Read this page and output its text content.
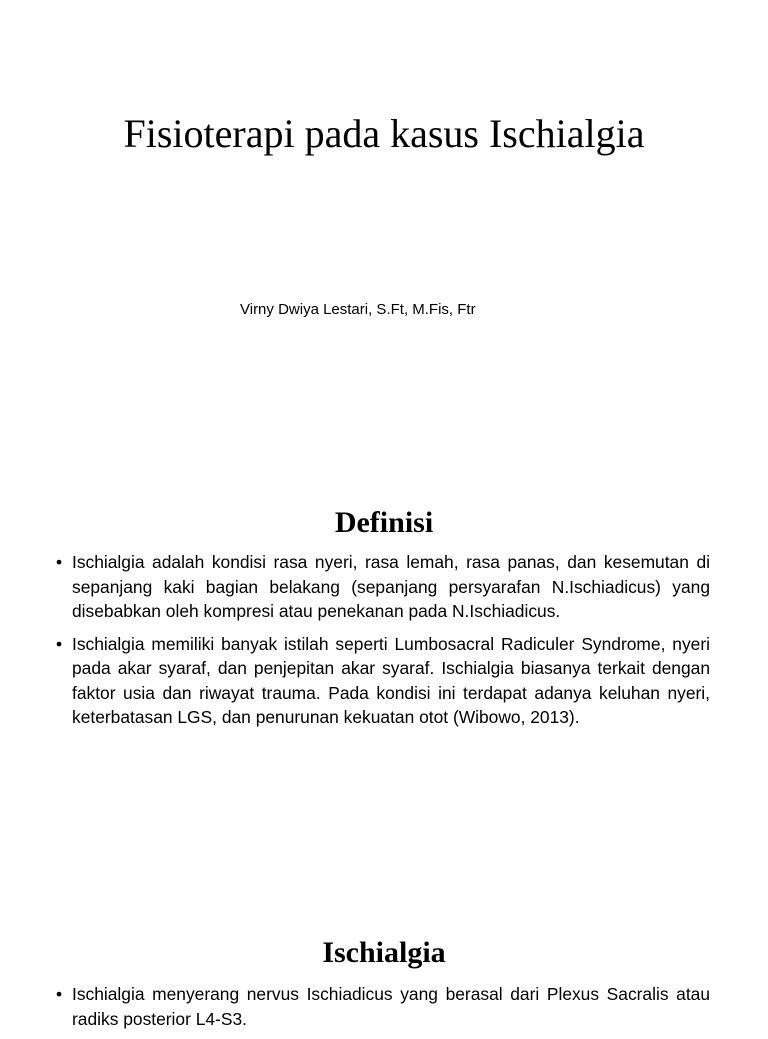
Fisioterapi pada kasus Ischialgia
Virny Dwiya Lestari, S.Ft, M.Fis, Ftr
Definisi
• Ischialgia adalah kondisi rasa nyeri, rasa lemah, rasa panas, dan kesemutan di sepanjang kaki bagian belakang (sepanjang persyarafan N.Ischiadicus) yang disebabkan oleh kompresi atau penekanan pada N.Ischiadicus.
• Ischialgia memiliki banyak istilah seperti Lumbosacral Radiculer Syndrome, nyeri pada akar syaraf, dan penjepitan akar syaraf. Ischialgia biasanya terkait dengan faktor usia dan riwayat trauma. Pada kondisi ini terdapat adanya keluhan nyeri, keterbatasan LGS, dan penurunan kekuatan otot (Wibowo, 2013).
Ischialgia
• Ischialgia menyerang nervus Ischiadicus yang berasal dari Plexus Sacralis atau radiks posterior L4-S3.
